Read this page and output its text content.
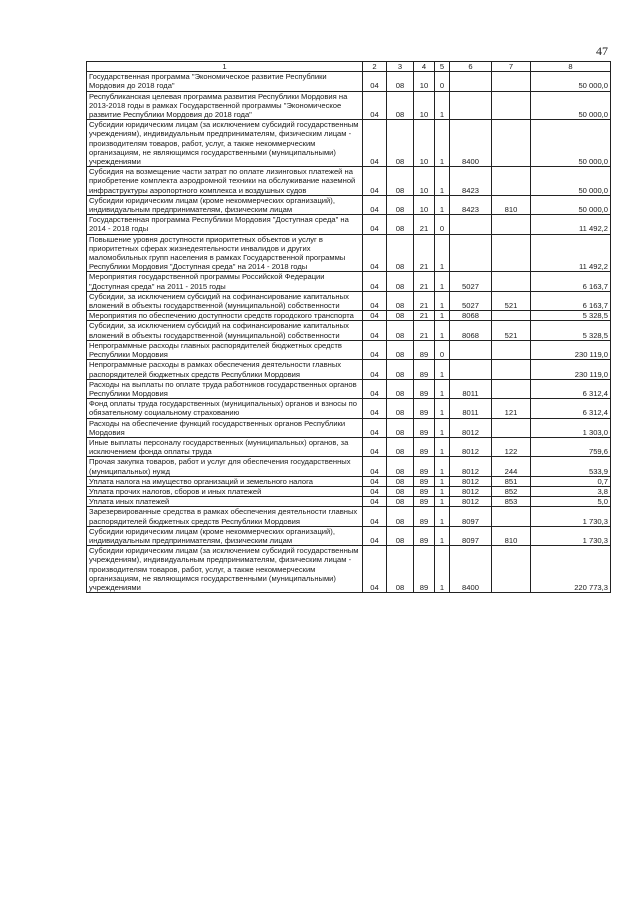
47
1	2	3	4	5	6	7	8
Государственная программа "Экономическое развитие Республики Мордовия до 2018 года"	04	08	10	0			50 000,0
Республиканская целевая программа развития Республики Мордовия на 2013-2018 годы в рамках Государственной программы "Экономическое развитие Республики Мордовия до 2018 года"	04	08	10	1			50 000,0
Субсидии юридическим лицам (за исключением субсидий государственным учреждениям), индивидуальным предпринимателям, физическим лицам - производителям товаров, работ, услуг, а также некоммерческим организациям, не являющимся государственными (муниципальными) учреждениями	04	08	10	1	8400		50 000,0
Субсидия на возмещение части затрат по оплате лизинговых платежей на приобретение комплекта аэродромной техники на обслуживание наземной инфраструктуры аэропортного комплекса и воздушных судов	04	08	10	1	8423		50 000,0
Субсидии юридическим лицам (кроме некоммерческих организаций), индивидуальным предпринимателям, физическим лицам	04	08	10	1	8423	810	50 000,0
Государственная программа Республики Мордовия "Доступная среда" на 2014 - 2018 годы	04	08	21	0			11 492,2
Повышение уровня доступности приоритетных объектов и услуг в приоритетных сферах жизнедеятельности инвалидов и других маломобильных групп населения в рамках Государственной программы Республики Мордовия "Доступная среда" на 2014 - 2018 годы	04	08	21	1			11 492,2
Мероприятия государственной программы Российской Федерации "Доступная среда" на 2011 - 2015 годы	04	08	21	1	5027		6 163,7
Субсидии, за исключением субсидий на софинансирование капитальных вложений в объекты государственной (муниципальной) собственности	04	08	21	1	5027	521	6 163,7
Мероприятия по обеспечению доступности средств городского транспорта	04	08	21	1	8068		5 328,5
Субсидии, за исключением субсидий на софинансирование капитальных вложений в объекты государственной (муниципальной) собственности	04	08	21	1	8068	521	5 328,5
Непрограммные расходы главных распорядителей бюджетных средств Республики Мордовия	04	08	89	0			230 119,0
Непрограммные расходы в рамках обеспечения деятельности главных распорядителей бюджетных средств Республики Мордовия	04	08	89	1			230 119,0
Расходы на выплаты по оплате труда работников государственных органов Республики Мордовия	04	08	89	1	8011		6 312,4
Фонд оплаты труда государственных (муниципальных) органов и взносы по обязательному социальному страхованию	04	08	89	1	8011	121	6 312,4
Расходы на обеспечение функций государственных органов Республики Мордовия	04	08	89	1	8012		1 303,0
Иные выплаты персоналу государственных (муниципальных) органов, за исключением фонда оплаты труда	04	08	89	1	8012	122	759,6
Прочая закупка товаров, работ и услуг для обеспечения государственных (муниципальных) нужд	04	08	89	1	8012	244	533,9
Уплата налога на имущество организаций и земельного налога	04	08	89	1	8012	851	0,7
Уплата прочих налогов, сборов и иных платежей	04	08	89	1	8012	852	3,8
Уплата иных платежей	04	08	89	1	8012	853	5,0
Зарезервированные средства в рамках обеспечения деятельности главных распорядителей бюджетных средств Республики Мордовия	04	08	89	1	8097		1 730,3
Субсидии юридическим лицам (кроме некоммерческих организаций), индивидуальным предпринимателям, физическим лицам	04	08	89	1	8097	810	1 730,3
Субсидии юридическим лицам (за исключением субсидий государственным учреждениям), индивидуальным предпринимателям, физическим лицам - производителям товаров, работ, услуг, а также некоммерческим организациям, не являющимся государственными (муниципальными) учреждениями	04	08	89	1	8400		220 773,3
